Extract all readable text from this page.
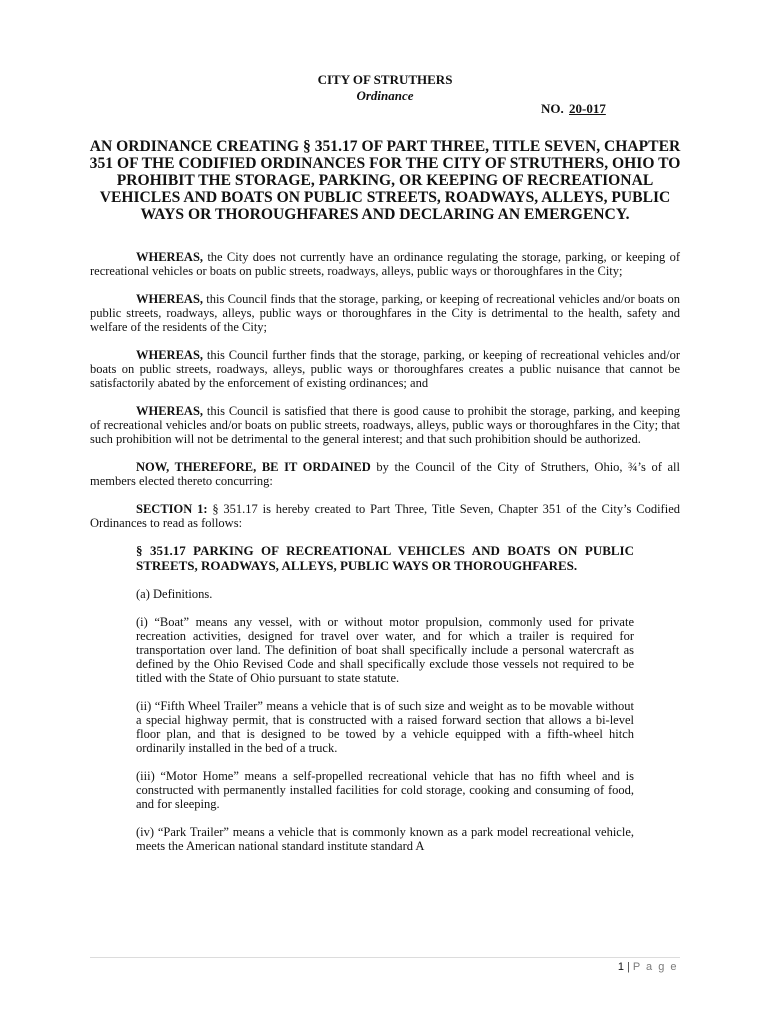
CITY OF STRUTHERS
Ordinance
NO. 20-017
AN ORDINANCE CREATING § 351.17 OF PART THREE, TITLE SEVEN, CHAPTER 351 OF THE CODIFIED ORDINANCES FOR THE CITY OF STRUTHERS, OHIO TO PROHIBIT THE STORAGE, PARKING, OR KEEPING OF RECREATIONAL VEHICLES AND BOATS ON PUBLIC STREETS, ROADWAYS, ALLEYS, PUBLIC WAYS OR THOROUGHFARES AND DECLARING AN EMERGENCY.

WHEREAS, the City does not currently have an ordinance regulating the storage, parking, or keeping of recreational vehicles or boats on public streets, roadways, alleys, public ways or thoroughfares in the City;

WHEREAS, this Council finds that the storage, parking, or keeping of recreational vehicles and/or boats on public streets, roadways, alleys, public ways or thoroughfares in the City is detrimental to the health, safety and welfare of the residents of the City;

WHEREAS, this Council further finds that the storage, parking, or keeping of recreational vehicles and/or boats on public streets, roadways, alleys, public ways or thoroughfares creates a public nuisance that cannot be satisfactorily abated by the enforcement of existing ordinances; and

WHEREAS, this Council is satisfied that there is good cause to prohibit the storage, parking, and keeping of recreational vehicles and/or boats on public streets, roadways, alleys, public ways or thoroughfares in the City; that such prohibition will not be detrimental to the general interest; and that such prohibition should be authorized.

NOW, THEREFORE, BE IT ORDAINED by the Council of the City of Struthers, Ohio, ¾’s of all members elected thereto concurring:

SECTION 1: § 351.17 is hereby created to Part Three, Title Seven, Chapter 351 of the City’s Codified Ordinances to read as follows:

§ 351.17 PARKING OF RECREATIONAL VEHICLES AND BOATS ON PUBLIC STREETS, ROADWAYS, ALLEYS, PUBLIC WAYS OR THOROUGHFARES.

(a) Definitions.

(i) “Boat” means any vessel, with or without motor propulsion, commonly used for private recreation activities, designed for travel over water, and for which a trailer is required for transportation over land. The definition of boat shall specifically include a personal watercraft as defined by the Ohio Revised Code and shall specifically exclude those vessels not required to be titled with the State of Ohio pursuant to state statute.

(ii) “Fifth Wheel Trailer” means a vehicle that is of such size and weight as to be movable without a special highway permit, that is constructed with a raised forward section that allows a bi-level floor plan, and that is designed to be towed by a vehicle equipped with a fifth-wheel hitch ordinarily installed in the bed of a truck.

(iii) “Motor Home” means a self-propelled recreational vehicle that has no fifth wheel and is constructed with permanently installed facilities for cold storage, cooking and consuming of food, and for sleeping.

(iv) “Park Trailer” means a vehicle that is commonly known as a park model recreational vehicle, meets the American national standard institute standard A

1 | P a g e
